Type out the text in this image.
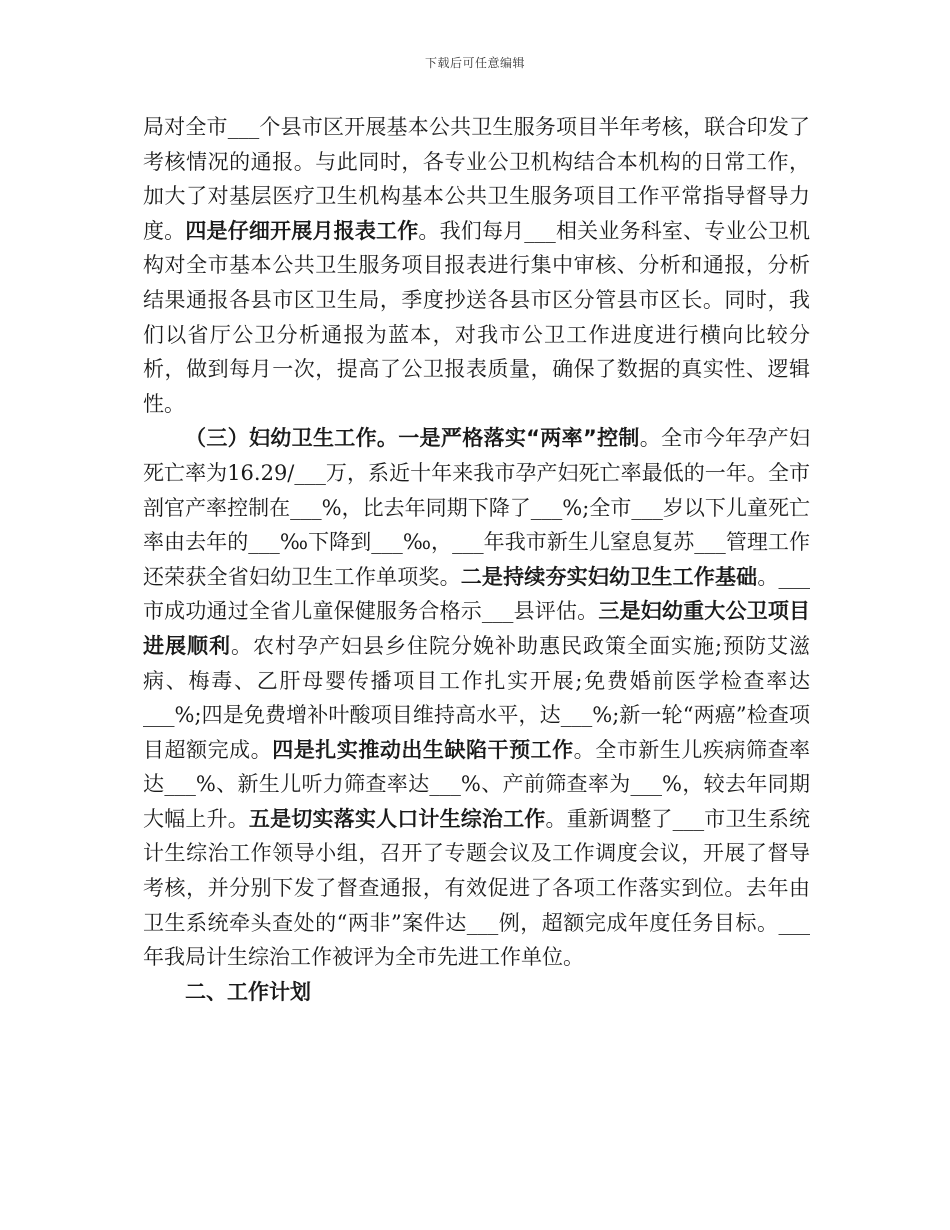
下载后可任意编辑

局对全市___个县市区开展基本公共卫生服务项目半年考核，联合印发了考核情况的通报。与此同时，各专业公卫机构结合本机构的日常工作，加大了对基层医疗卫生机构基本公共卫生服务项目工作平常指导督导力度。四是仔细开展月报表工作。我们每月___相关业务科室、专业公卫机构对全市基本公共卫生服务项目报表进行集中审核、分析和通报，分析结果通报各县市区卫生局，季度抄送各县市区分管县市区长。同时，我们以省厅公卫分析通报为蓝本，对我市公卫工作进度进行横向比较分析，做到每月一次，提高了公卫报表质量，确保了数据的真实性、逻辑性。

（三）妇幼卫生工作。一是严格落实“两率”控制。全市今年孕产妇死亡率为16.29/___万，系近十年来我市孕产妇死亡率最低的一年。全市剖官产率控制在___%，比去年同期下降了___%;全市___岁以下儿童死亡率由去年的___‰下降到___‰，___年我市新生儿窒息复苏___管理工作还荣获全省妇幼卫生工作单项奖。二是持续夯实妇幼卫生工作基础。___市成功通过全省儿童保健服务合格示___县评估。三是妇幼重大公卫项目进展顺利。农村孕产妇县乡住院分娩补助惠民政策全面实施;预防艾滋病、梅毒、乙肝母婴传播项目工作扎实开展;免费婚前医学检查率达___%;四是免费增补叶酸项目维持高水平，达___%;新一轮“两癌”检查项目超额完成。四是扎实推动出生缺陷干预工作。全市新生儿疾病筛查率达___%、新生儿听力筛查率达___%、产前筛查率为___%，较去年同期大幅上升。五是切实落实人口计生综治工作。重新调整了___市卫生系统计生综治工作领导小组，召开了专题会议及工作调度会议，开展了督导考核，并分别下发了督查通报，有效促进了各项工作落实到位。去年由卫生系统牵头查处的“两非”案件达___例，超额完成年度任务目标。___年我局计生综治工作被评为全市先进工作单位。

二、工作计划
